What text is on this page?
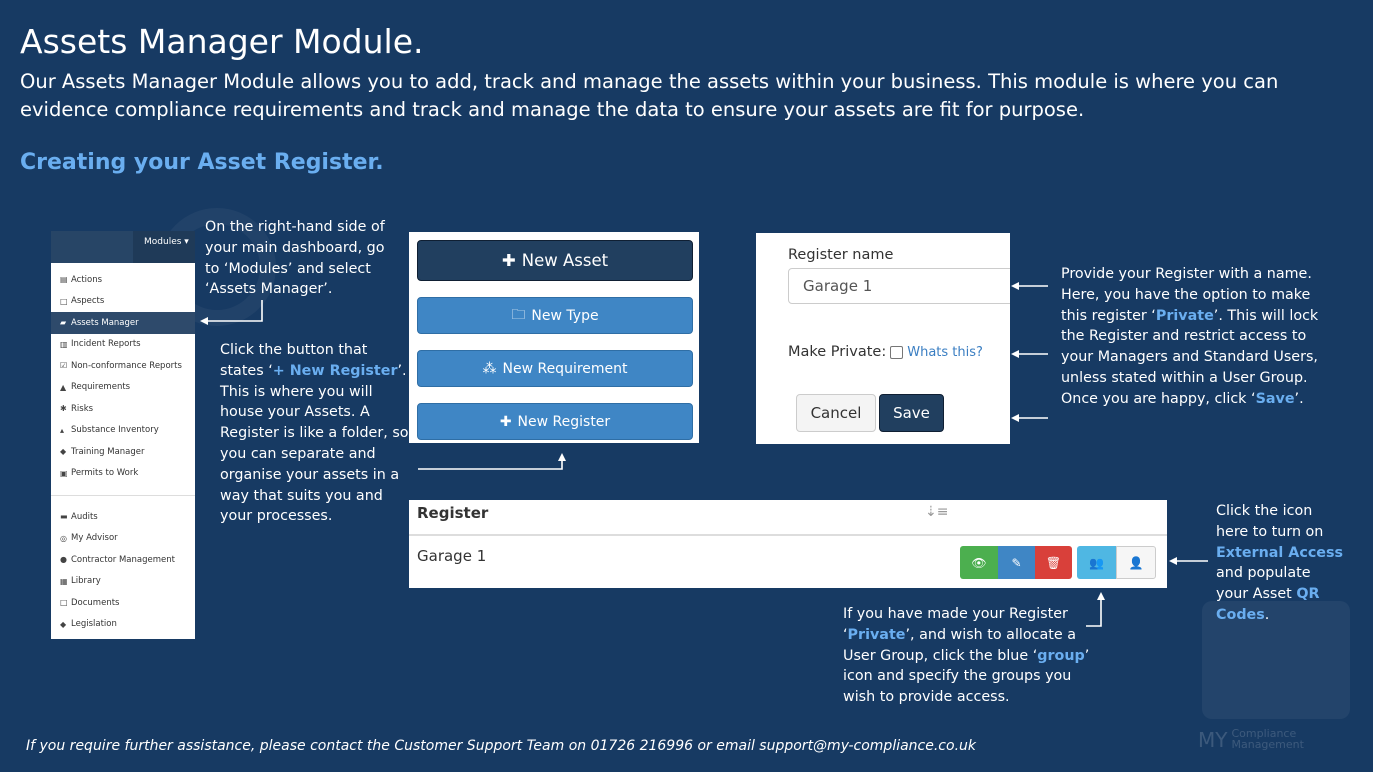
MY Compliance
Management
Assets Manager Module.

Our Assets Manager Module allows you to add, track and manage the assets within your business. This module is where you can evidence compliance requirements and track and manage the data to ensure your assets are fit for purpose.

Creating your Asset Register.
Modules ▾
▤ Actions
□ Aspects
▰ Assets Manager
▥ Incident Reports
☑ Non-conformance Reports
▲ Requirements
✱ Risks
▴ Substance Inventory
◆ Training Manager
▣ Permits to Work
▬ Audits
◎ My Advisor
● Contractor Management
▦ Library
□ Documents
◆ Legislation
On the right-hand side of your main dashboard, go to ‘Modules’ and select ‘Assets Manager’.
Click the button that states ‘+ New Register’. This is where you will house your Assets. A Register is like a folder, so you can separate and organise your assets in a way that suits you and your processes.
✚ New Asset
🗀 New Type
⁂ New Requirement
✚ New Register
Register name
Garage 1
Make Private: Whats this?
Cancel	Save
Provide your Register with a name. Here, you have the option to make this register ‘Private’. This will lock the Register and restrict access to your Managers and Standard Users, unless stated within a User Group. Once you are happy, click ‘Save’.
Register	⇣≡
Garage 1	👁	✎	🗑	👥	👤
Click the icon here to turn on External Access and populate your Asset QR Codes.
If you have made your Register ‘Private’, and wish to allocate a User Group, click the blue ‘group’ icon and specify the groups you wish to provide access.
If you require further assistance, please contact the Customer Support Team on 01726 216996 or email support@my-compliance.co.uk
